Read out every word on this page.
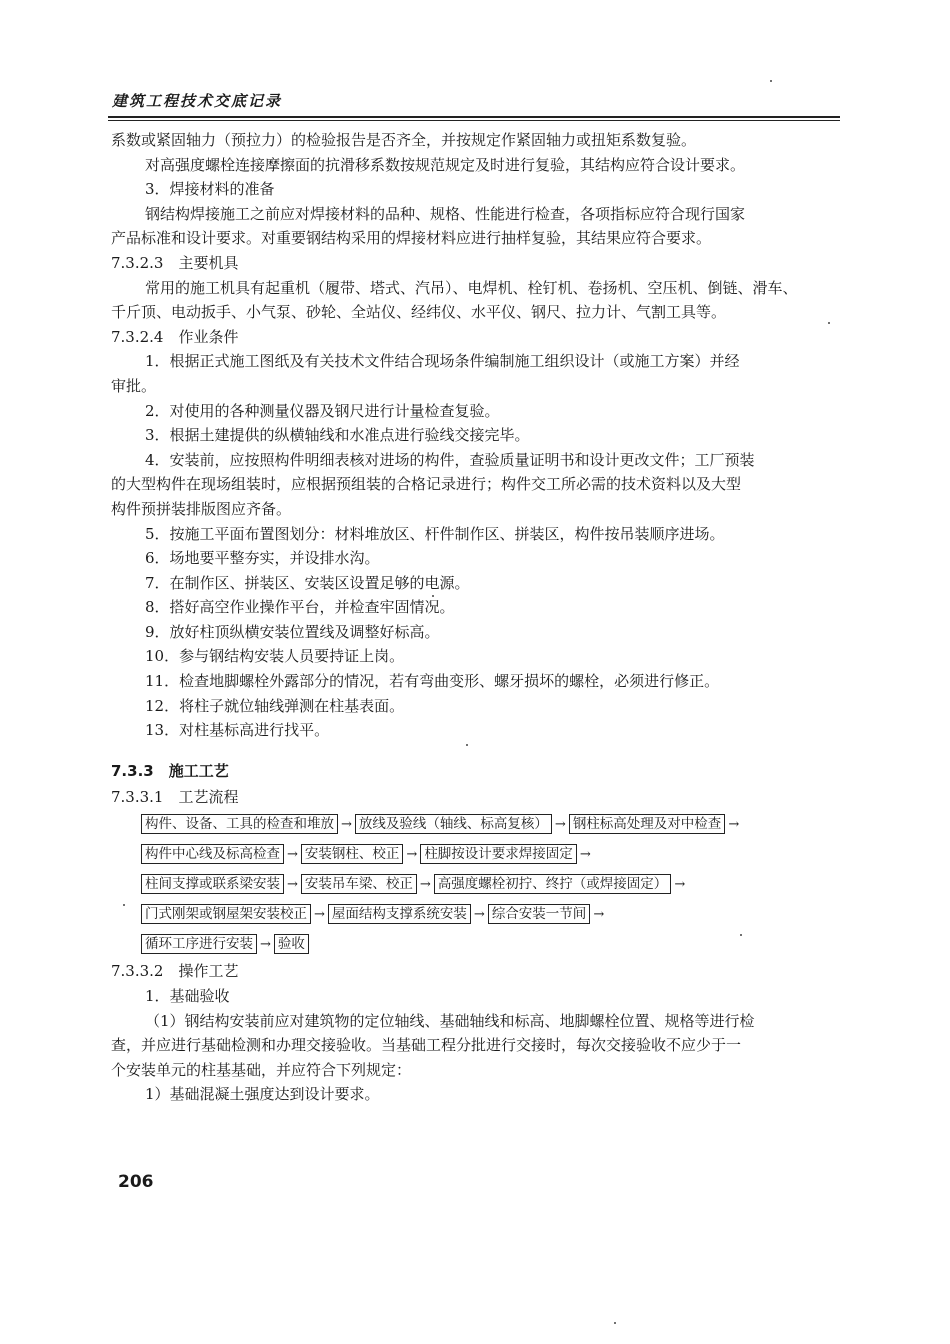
建筑工程技术交底记录
系数或紧固轴力（预拉力）的检验报告是否齐全，并按规定作紧固轴力或扭矩系数复验。
对高强度螺栓连接摩擦面的抗滑移系数按规范规定及时进行复验，其结构应符合设计要求。
3．焊接材料的准备
钢结构焊接施工之前应对焊接材料的品种、规格、性能进行检查，各项指标应符合现行国家
产品标准和设计要求。对重要钢结构采用的焊接材料应进行抽样复验，其结果应符合要求。
7.3.2.3　主要机具
常用的施工机具有起重机（履带、塔式、汽吊）、电焊机、栓钉机、卷扬机、空压机、倒链、滑车、
千斤顶、电动扳手、小气泵、砂轮、全站仪、经纬仪、水平仪、钢尺、拉力计、气割工具等。
7.3.2.4　作业条件
1．根据正式施工图纸及有关技术文件结合现场条件编制施工组织设计（或施工方案）并经
审批。
2．对使用的各种测量仪器及钢尺进行计量检查复验。
3．根据土建提供的纵横轴线和水准点进行验线交接完毕。
4．安装前，应按照构件明细表核对进场的构件，查验质量证明书和设计更改文件；工厂预装
的大型构件在现场组装时，应根据预组装的合格记录进行；构件交工所必需的技术资料以及大型
构件预拼装排版图应齐备。
5．按施工平面布置图划分：材料堆放区、杆件制作区、拼装区，构件按吊装顺序进场。
6．场地要平整夯实，并设排水沟。
7．在制作区、拼装区、安装区设置足够的电源。
8．搭好高空作业操作平台，并检查牢固情况。
9．放好柱顶纵横安装位置线及调整好标高。
10．参与钢结构安装人员要持证上岗。
11．检查地脚螺栓外露部分的情况，若有弯曲变形、螺牙损坏的螺栓，必须进行修正。
12．将柱子就位轴线弹测在柱基表面。
13．对柱基标高进行找平。
7.3.3　施工工艺
7.3.3.1　工艺流程
构件、设备、工具的检查和堆放 → 放线及验线（轴线、标高复核） → 钢柱标高处理及对中检查 →
构件中心线及标高检查 → 安装钢柱、校正 → 柱脚按设计要求焊接固定 →
柱间支撑或联系梁安装 → 安装吊车梁、校正 → 高强度螺栓初拧、终拧（或焊接固定） →
门式刚架或钢屋架安装校正 → 屋面结构支撑系统安装 → 综合安装一节间 →
循环工序进行安装 → 验收
7.3.3.2　操作工艺
1．基础验收
（1）钢结构安装前应对建筑物的定位轴线、基础轴线和标高、地脚螺栓位置、规格等进行检
查，并应进行基础检测和办理交接验收。当基础工程分批进行交接时，每次交接验收不应少于一
个安装单元的柱基基础，并应符合下列规定：
1）基础混凝土强度达到设计要求。
206
